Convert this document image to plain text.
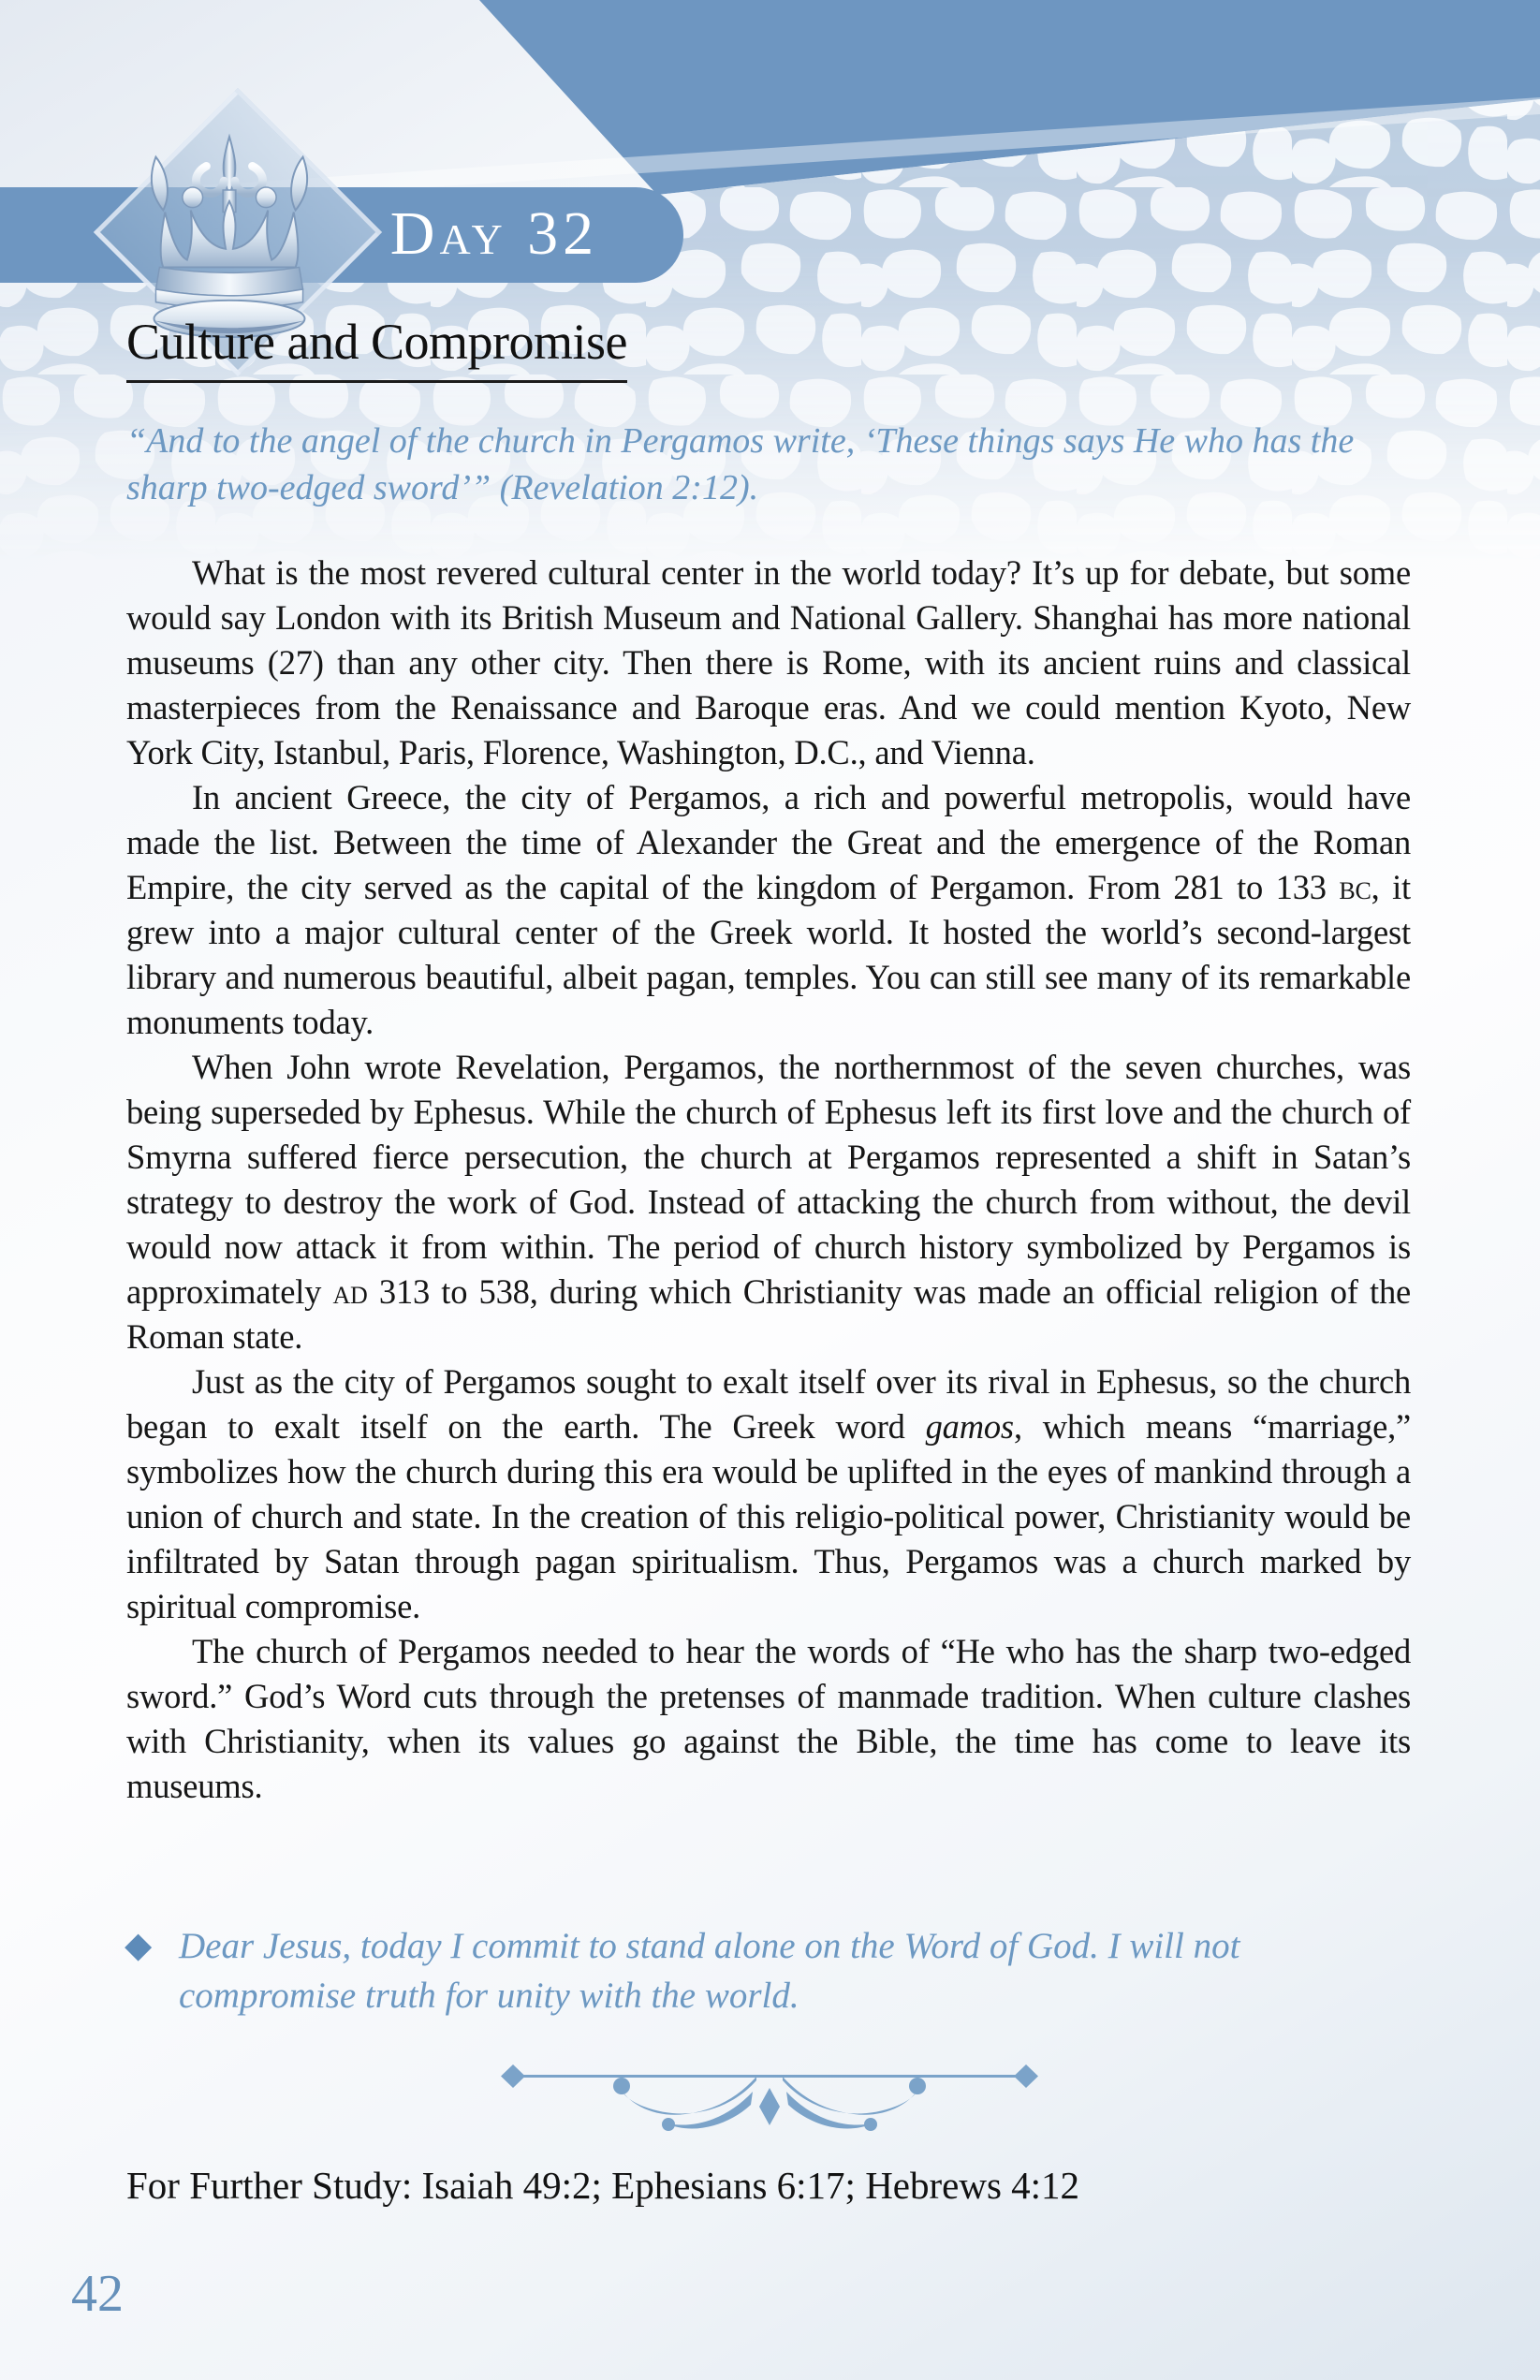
Day 32
Culture and Compromise
“And to the angel of the church in Pergamos write, ‘These things says He who has the sharp two-edged sword’” (Revelation 2:12).

What is the most revered cultural center in the world today? It’s up for debate, but some would say London with its British Museum and National Gallery. Shanghai has more national museums (27) than any other city. Then there is Rome, with its ancient ruins and classical masterpieces from the Renaissance and Baroque eras. And we could mention Kyoto, New York City, Istanbul, Paris, Florence, Washington, D.C., and Vienna.

In ancient Greece, the city of Pergamos, a rich and powerful metropolis, would have made the list. Between the time of Alexander the Great and the emergence of the Roman Empire, the city served as the capital of the kingdom of Pergamon. From 281 to 133 bc, it grew into a major cultural center of the Greek world. It hosted the world’s second-largest library and numerous beautiful, albeit pagan, temples. You can still see many of its remarkable monuments today.

When John wrote Revelation, Pergamos, the northernmost of the seven churches, was being superseded by Ephesus. While the church of Ephesus left its first love and the church of Smyrna suffered fierce persecution, the church at Pergamos represented a shift in Satan’s strategy to destroy the work of God. Instead of attacking the church from without, the devil would now attack it from within. The period of church history symbolized by Pergamos is approximately ad 313 to 538, during which Christianity was made an official religion of the Roman state.

Just as the city of Pergamos sought to exalt itself over its rival in Ephesus, so the church began to exalt itself on the earth. The Greek word gamos, which means “marriage,” symbolizes how the church during this era would be uplifted in the eyes of mankind through a union of church and state. In the creation of this religio-political power, Christianity would be infiltrated by Satan through pagan spiritualism. Thus, Pergamos was a church marked by spiritual compromise.

The church of Pergamos needed to hear the words of “He who has the sharp two-edged sword.” God’s Word cuts through the pretenses of manmade tradition. When culture clashes with Christianity, when its values go against the Bible, the time has come to leave its museums.

◆ Dear Jesus, today I commit to stand alone on the Word of God. I will not compromise truth for unity with the world.
For Further Study: Isaiah 49:2; Ephesians 6:17; Hebrews 4:12
42
